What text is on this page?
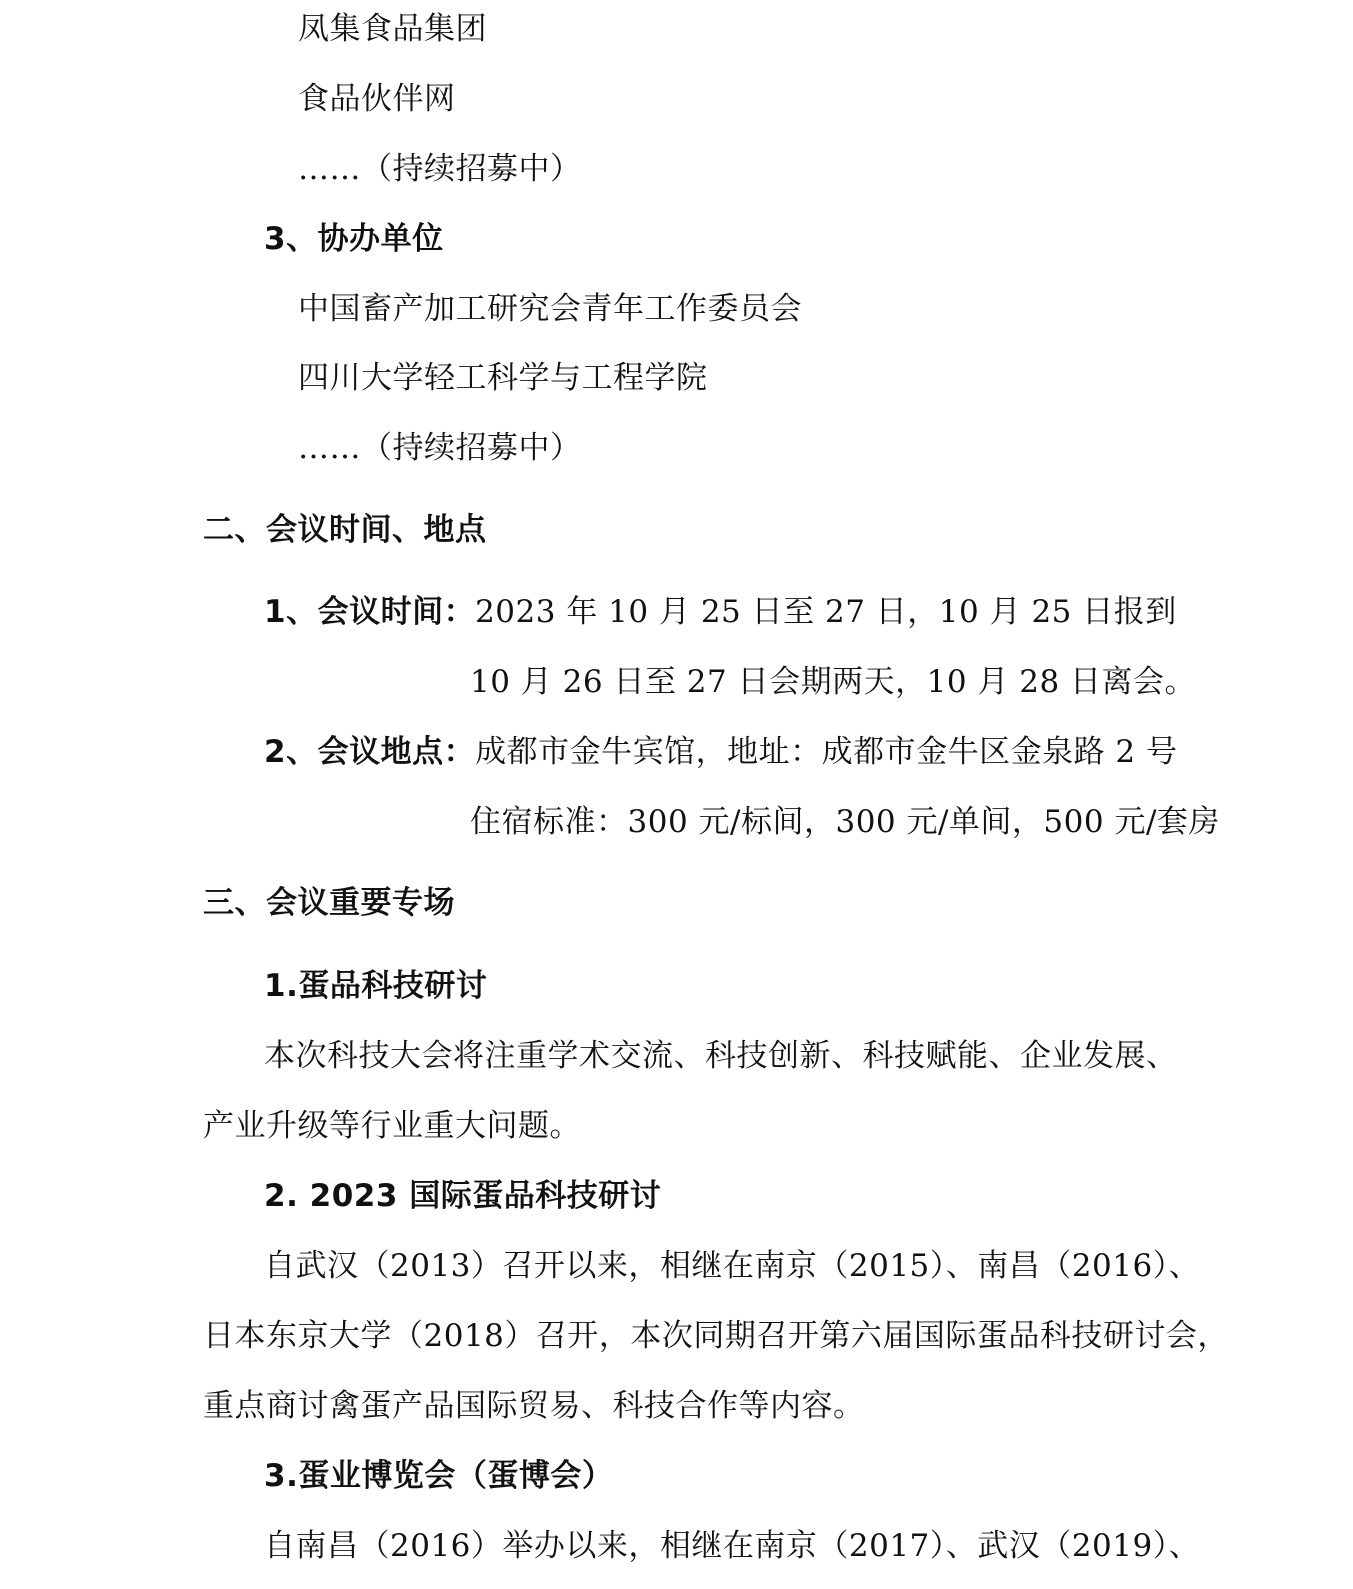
凤集食品集团
食品伙伴网
……（持续招募中）
3、协办单位
中国畜产加工研究会青年工作委员会
四川大学轻工科学与工程学院
……（持续招募中）
二、会议时间、地点
1、会议时间：2023 年 10 月 25 日至 27 日，10 月 25 日报到
10 月 26 日至 27 日会期两天，10 月 28 日离会。
2、会议地点：成都市金牛宾馆，地址：成都市金牛区金泉路 2 号
住宿标准：300 元/标间，300 元/单间，500 元/套房
三、会议重要专场
1.蛋品科技研讨
本次科技大会将注重学术交流、科技创新、科技赋能、企业发展、
产业升级等行业重大问题。
2. 2023 国际蛋品科技研讨
自武汉（2013）召开以来，相继在南京（2015）、南昌（2016）、
日本东京大学（2018）召开，本次同期召开第六届国际蛋品科技研讨会，
重点商讨禽蛋产品国际贸易、科技合作等内容。
3.蛋业博览会（蛋博会）
自南昌（2016）举办以来，相继在南京（2017）、武汉（2019）、
